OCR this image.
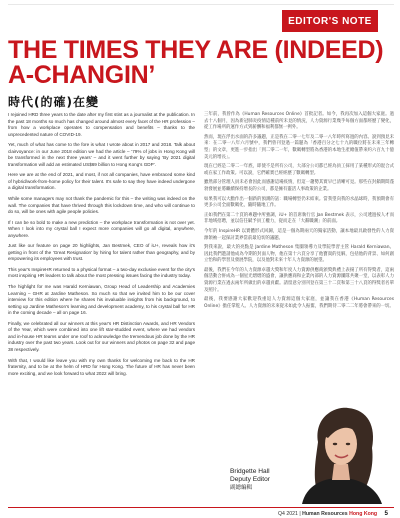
EDITOR'S NOTE
THE TIMES THEY ARE (INDEED)
A-CHANGIN’
時代(的確)在變

I rejoined HRD three years to the date after my first stint as a journalist at the publication. In the past 18 months so much has changed around almost every facet of the HR profession – from how a workplace operates to compensation and benefits – thanks to the unprecedented nature of COVID-19.

Yet, much of what has come to the fore is what I wrote about in 2017 and 2018. Talk about clairvoyance: in our June 2018 edition we had the article – ‘79% of jobs in Hong Kong will be transformed in the next three years’ – and it went further by saying ‘By 2021 digital transformation will add an estimated US$69 billion to Hong Kong's GDP’.

Here we are at the end of 2021, and most, if not all companies, have embraced some kind of hybrid/work-from-home policy for their talent. It's safe to say they have indeed undergone a digital transformation.

While some managers may not thank the pandemic for this – the writing was indeed on the wall. The companies that have thrived through this lockdown time, and who will continue to do so, will be ones with agile people policies.

If I can be so bold to make a new prediction – the workplace transformation is not over yet. When I look into my crystal ball I expect more companies will go all digital, anywhere, anywhere.

Just like our feature on page 20 highlights, Jan Bestmek, CEO of iU+, reveals how it's getting in front of the ‘Great Resignation’ by hiring for talent rather than geography, and by empowering its employees with trust.

This year's InspireHR returned to a physical format – a two-day exclusive event for the city's most inspiring HR leaders to talk about the most pressing issues facing the industry today.

The highlight for me was Harald Kerniawan, Group Head of Leadership and Academies Learning – GHR at Jardine Matheson. So much so that we invited him to be our cover interview for this edition where he shares his invaluable insights from his background, to setting up Jardine Matheson's learning and development academy, to his crystal ball for HR in the coming decade – all on page 16.

Finally, we celebrated all our winners at this year's HR Distinction Awards, and HR Vendors of the Year, which were combined into one lift star-studded event, where we had vendors and in-house HR teams under one roof to acknowledge the tremendous job done by the HR industry over the past two years. Look out for our winners and photos on page 32 and page 38 respectively.

With that, I would like leave you with my own thanks for welcoming me back to the HR fraternity, and to be at the helm of HRD for Hong Kong. The future of HR has never been more exciting, and we look forward to what 2022 will bring.

三年前，我曾作為《Human Resources Online》首批記者。如今，我再次加入這個大家庭。過去十八個月，因為新冠肺炎疫情這種前所未見的情況，人力資源行業幾乎每個方面都經歷了變化，從工作場所的運作方式到薪酬和福利都無一例外。

然而，現在浮出水面的許多議題，正是我在二零一七年及二零一八年時所寫過的內容。說到預見未來：在二零一八年六月號中，我們曾刊登過一篇題為「香港百分之七十九的職位將在未來三年轉型」的文章，更進一步指出「到二零二一年，數碼轉型將為香港的本地生產總值帶來約六百九十億美元的增長」。

現在已經是二零二一年底，即使不是所有公司，大部分公司都已經為員工採用了某種形式的混合式或在家工作政策。可以說，它們確實已經經歷了數碼轉型。

雖然部分管理人員未必會因此而感謝這場疫情，但這一趨勢其實早已清晰可見。那些在封鎖期間蓬勃發展並將繼續保持增長的公司，都是擁有靈活人事政策的企業。

如果我可以大膽作出一個新的預測的話：職場轉型仍未結束。當我望向我的水晶球時，我預期會有更多公司全面數碼化，隨時隨地工作。

正如我們在第二十頁的專題中所強調，iU+ 的首席執行官 Jan Bestmek 表示，公司透過按人才而非地域招聘，並以信任賦予員工權力，從而走在「大辭職潮」的前面。

今年的 InspireHR 以實體形式回歸，這是一個為期兩天的獨家活動，讓本地最具啟發性的人力資源領袖一起探討業界當前最迫切的議題。

對我來說，最大的亮點是 Jardine Matheson 集團領導力及學院學習主管 Harald Kerniawan。因此我們邀請他成為今期的封面人物，他在第十六頁分享了他寶貴的見解，包括他的背景、如何創立怡和的學習及發展學院，以及他對未來十年人力資源的展望。

最後，我們在今年的人力資源卓越大獎和年度人力資源供應商頒獎典禮上表揚了所有得獎者，這兩個活動合併成為一個星光熠熠的盛會，讓供應商和企業內部的人力資源團隊共聚一堂，以表彰人力資源行業在過去兩年所做出的卓越貢獻。請留意分別刊登在第三十二頁和第三十八頁的得獎者名單及照片。

最後，我要感謝大家歡迎我重返人力資源這個大家庭，並讓我在香港《Human Resources Online》擔任掌舵人。人力資源的未來從未如此令人振奮，我們期待二零二二年將會帶來的一切。

Bridgette Hall
Deputy Editor
副總編輯
Q4 2021 | Human Resources Hong Kong 5
